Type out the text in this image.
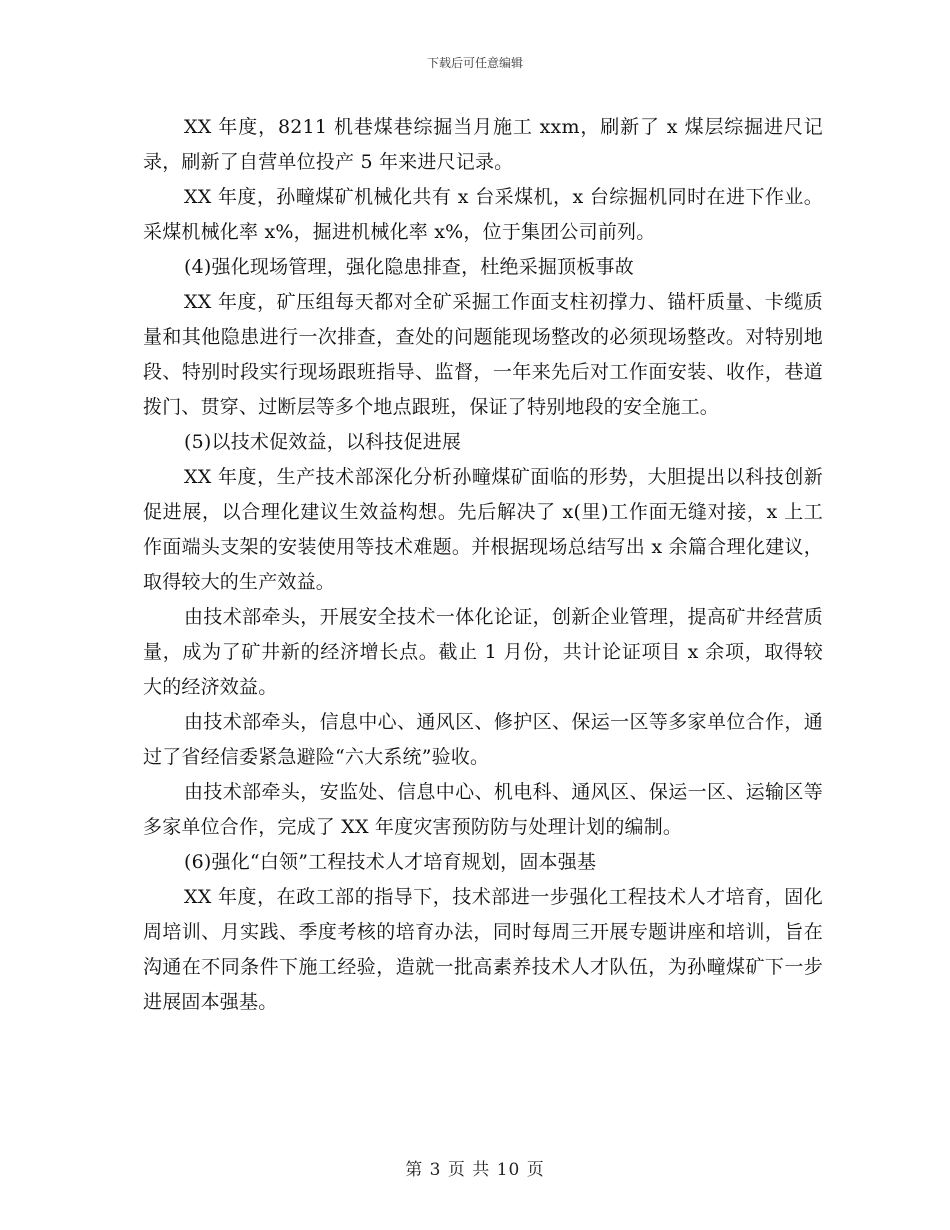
下载后可任意编辑

XX 年度，8211 机巷煤巷综掘当月施工 xxm，刷新了 x 煤层综掘进尺记录，刷新了自营单位投产 5 年来进尺记录。

XX 年度，孙疃煤矿机械化共有 x 台采煤机，x 台综掘机同时在进下作业。采煤机械化率 x%，掘进机械化率 x%，位于集团公司前列。

(4)强化现场管理，强化隐患排查，杜绝采掘顶板事故

XX 年度，矿压组每天都对全矿采掘工作面支柱初撑力、锚杆质量、卡缆质量和其他隐患进行一次排查，查处的问题能现场整改的必须现场整改。对特别地段、特别时段实行现场跟班指导、监督，一年来先后对工作面安装、收作，巷道拨门、贯穿、过断层等多个地点跟班，保证了特别地段的安全施工。

(5)以技术促效益，以科技促进展

XX 年度，生产技术部深化分析孙疃煤矿面临的形势，大胆提出以科技创新促进展，以合理化建议生效益构想。先后解决了 x(里)工作面无缝对接，x 上工作面端头支架的安装使用等技术难题。并根据现场总结写出 x 余篇合理化建议，取得较大的生产效益。

由技术部牵头，开展安全技术一体化论证，创新企业管理，提高矿井经营质量，成为了矿井新的经济增长点。截止 1 月份，共计论证项目 x 余项，取得较大的经济效益。

由技术部牵头，信息中心、通风区、修护区、保运一区等多家单位合作，通过了省经信委紧急避险“六大系统”验收。

由技术部牵头，安监处、信息中心、机电科、通风区、保运一区、运输区等多家单位合作，完成了 XX 年度灾害预防防与处理计划的编制。

(6)强化“白领”工程技术人才培育规划，固本强基

XX 年度，在政工部的指导下，技术部进一步强化工程技术人才培育，固化周培训、月实践、季度考核的培育办法，同时每周三开展专题讲座和培训，旨在沟通在不同条件下施工经验，造就一批高素养技术人才队伍，为孙疃煤矿下一步进展固本强基。

第 3 页 共 10 页
